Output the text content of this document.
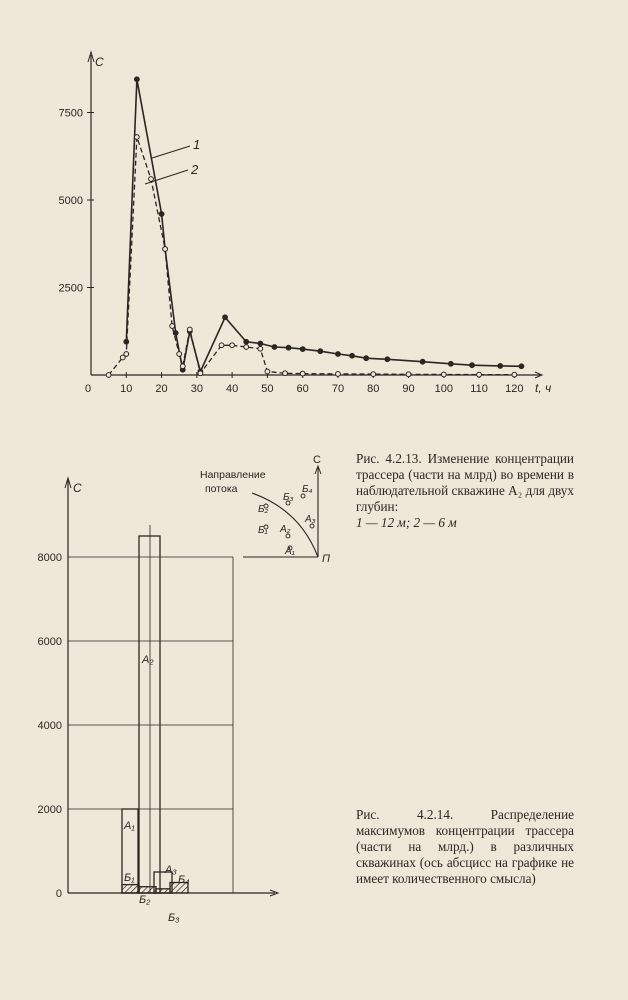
C
t, ч
2500
5000
7500
0	10 20 30 40 50 60 70 80 90 100 110 120
1
2
Рис. 4.2.13. Изменение концентрации трассера (части на млрд) во времени в наблюдательной скважине A₂ для двух глубин:
1 — 12 м; 2 — 6 м
C
0
2000
4000
6000
8000
A₁
A₂
A₃
Б₁
Б₂
Б₃
Б₄
С
П
Направление
потока
Б₁
Б₂
Б₃
Б₄
А₁
А₂
А₃
Рис. 4.2.14. Распределение максимумов концентрации трассера (части на млрд.) в различных скважинах (ось абсцисс на графике не имеет количественного смысла)
